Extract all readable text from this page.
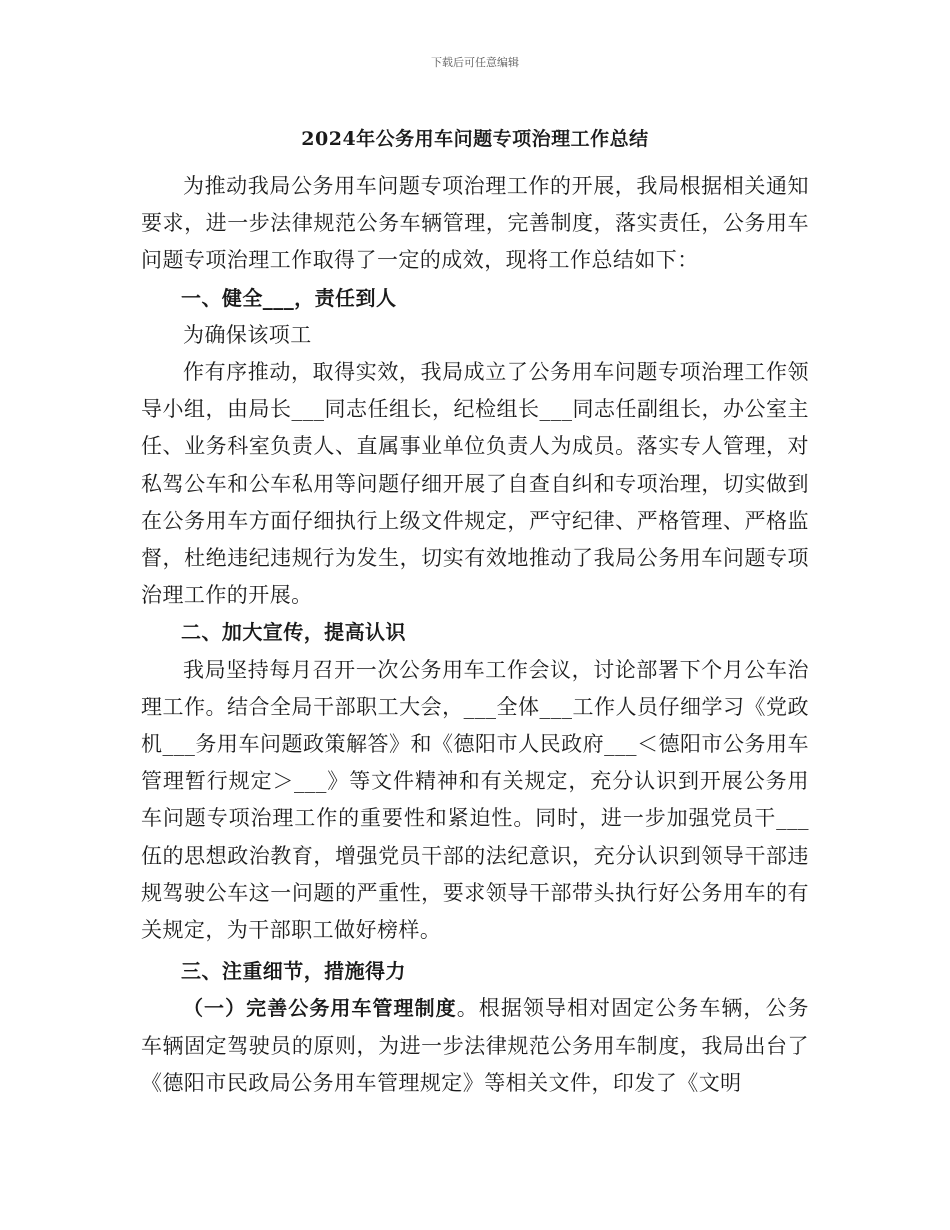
下载后可任意编辑
2024年公务用车问题专项治理工作总结

为推动我局公务用车问题专项治理工作的开展，我局根据相关通知要求，进一步法律规范公务车辆管理，完善制度，落实责任，公务用车问题专项治理工作取得了一定的成效，现将工作总结如下：

一、健全___，责任到人

为确保该项工

作有序推动，取得实效，我局成立了公务用车问题专项治理工作领导小组，由局长___同志任组长，纪检组长___同志任副组长，办公室主任、业务科室负责人、直属事业单位负责人为成员。落实专人管理，对私驾公车和公车私用等问题仔细开展了自查自纠和专项治理，切实做到在公务用车方面仔细执行上级文件规定，严守纪律、严格管理、严格监督，杜绝违纪违规行为发生，切实有效地推动了我局公务用车问题专项治理工作的开展。

二、加大宣传，提高认识

我局坚持每月召开一次公务用车工作会议，讨论部署下个月公车治理工作。结合全局干部职工大会，___全体___工作人员仔细学习《党政机___务用车问题政策解答》和《德阳市人民政府___＜德阳市公务用车管理暂行规定＞___》等文件精神和有关规定，充分认识到开展公务用车问题专项治理工作的重要性和紧迫性。同时，进一步加强党员干___伍的思想政治教育，增强党员干部的法纪意识，充分认识到领导干部违规驾驶公车这一问题的严重性，要求领导干部带头执行好公务用车的有关规定，为干部职工做好榜样。

三、注重细节，措施得力

（一）完善公务用车管理制度。根据领导相对固定公务车辆，公务车辆固定驾驶员的原则，为进一步法律规范公务用车制度，我局出台了《德阳市民政局公务用车管理规定》等相关文件，印发了《文明
